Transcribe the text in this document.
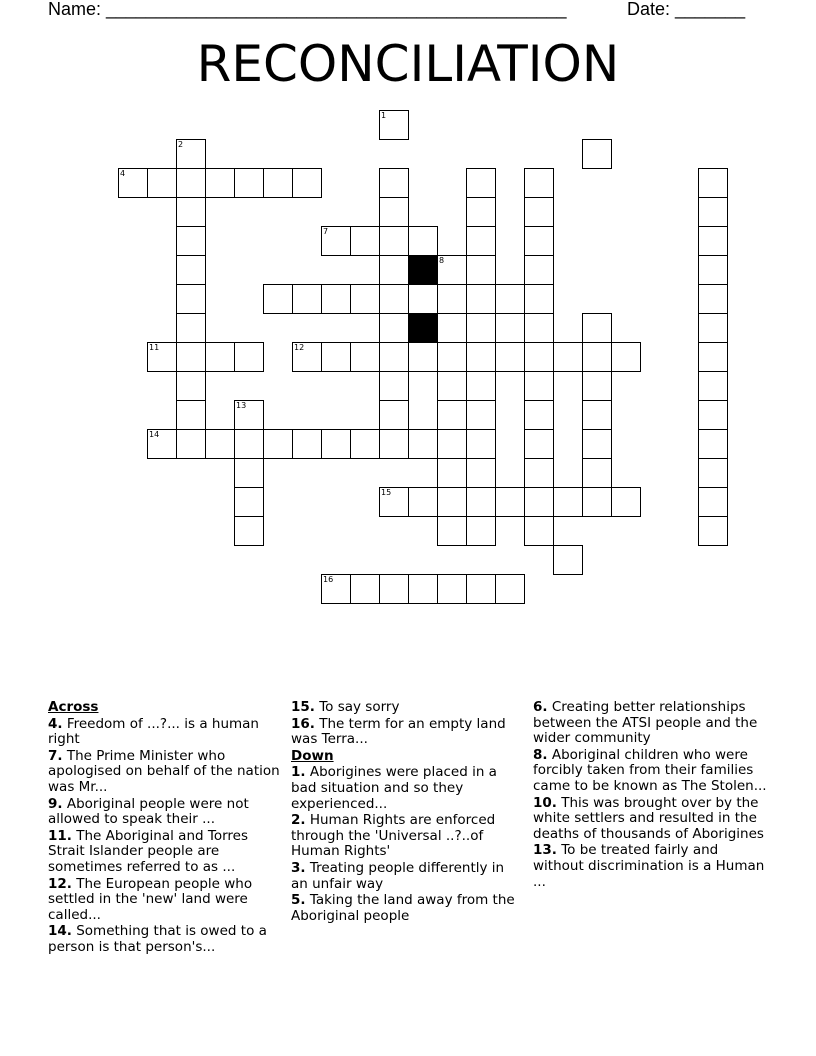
Name: ______________________________________________	Date: _______
RECONCILIATION
1
2
4
7
8
11	12
13
14
15
16
Across
4. Freedom of ...?... is a human right
7. The Prime Minister who apologised on behalf of the nation was Mr...
9. Aboriginal people were not allowed to speak their ...
11. The Aboriginal and Torres Strait Islander people are sometimes referred to as ...
12. The European people who settled in the 'new' land were called...
14. Something that is owed to a person is that person's...
15. To say sorry
16. The term for an empty land was Terra...
Down
1. Aborigines were placed in a bad situation and so they experienced...
2. Human Rights are enforced through the 'Universal ..?..of Human Rights'
3. Treating people differently in an unfair way
5. Taking the land away from the Aboriginal people
6. Creating better relationships between the ATSI people and the wider community
8. Aboriginal children who were forcibly taken from their families came to be known as The Stolen...
10. This was brought over by the white settlers and resulted in the deaths of thousands of Aborigines
13. To be treated fairly and without discrimination is a Human ...
